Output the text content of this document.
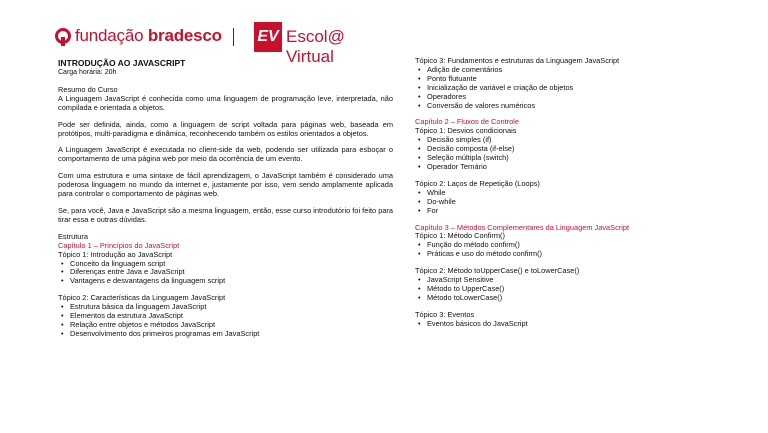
fundação bradesco EV Escol@ Virtual
INTRODUÇÃO AO JAVASCRIPT
Carga horária: 20h
Resumo do Curso

A Linguagem JavaScript é conhecida como uma linguagem de programação leve, interpretada, não compilada e orientada a objetos.

Pode ser definida, ainda, como a linguagem de script voltada para páginas web, baseada em protótipos, multi-paradigma e dinâmica, reconhecendo também os estilos orientados a objetos.

A Linguagem JavaScript é executada no client-side da web, podendo ser utilizada para esboçar o comportamento de uma página web por meio da ocorrência de um evento.

Com uma estrutura e uma sintaxe de fácil aprendizagem, o JavaScript também é considerado uma poderosa linguagem no mundo da internet e, justamente por isso, vem sendo amplamente aplicada para controlar o comportamento de páginas web.

Se, para você, Java e JavaScript são a mesma linguagem, então, esse curso introdutório foi feito para tirar essa e outras dúvidas.

Estrutura
Capítulo 1 – Princípios do JavaScript
Tópico 1: Introdução ao JavaScript
• Conceito da linguagem script
• Diferenças entre Java e JavaScript
• Vantagens e desvantagens da linguagem script
Tópico 2: Características da Linguagem JavaScript
• Estrutura básica da linguagem JavaScript
• Elementos da estrutura JavaScript
• Relação entre objetos e métodos JavaScript
• Desenvolvimento dos primeiros programas em JavaScript
Tópico 3: Fundamentos e estruturas da Linguagem JavaScript
• Adição de comentários
• Ponto flutuante
• Inicialização de variável e criação de objetos
• Operadores
• Conversão de valores numéricos
Capítulo 2 – Fluxos de Controle
Tópico 1: Desvios condicionais
• Decisão simples (if)
• Decisão composta (if-else)
• Seleção múltipla (switch)
• Operador Ternário
Tópico 2: Laços de Repetição (Loops)
• While
• Do-while
• For
Capítulo 3 – Métodos Complementares da Linguagem JavaScript
Tópico 1: Método Confirm()
• Função do método confirm()
• Práticas e uso do método confirm()
Tópico 2: Método toUpperCase() e toLowerCase()
• JavaScript Sensitive
• Método to UpperCase()
• Método toLowerCase()
Tópico 3: Eventos
• Eventos básicos do JavaScript
